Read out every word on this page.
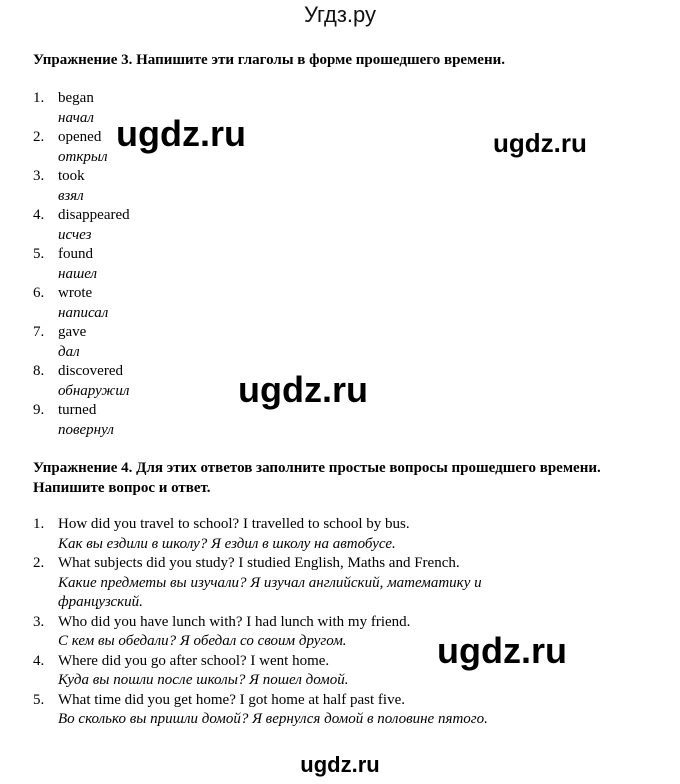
Угдз.ру
Упражнение 3. Напишите эти глаголы в форме прошедшего времени.
1. began
начал
2. opened
открыл
3. took
взял
4. disappeared
исчез
5. found
нашел
6. wrote
написал
7. gave
дал
8. discovered
обнаружил
9. turned
повернул
Упражнение 4. Для этих ответов заполните простые вопросы прошедшего времени. Напишите вопрос и ответ.
1. How did you travel to school? I travelled to school by bus.
Как вы ездили в школу? Я ездил в школу на автобусе.
2. What subjects did you study? I studied English, Maths and French.
Какие предметы вы изучали? Я изучал английский, математику и французский.
3. Who did you have lunch with? I had lunch with my friend.
С кем вы обедали? Я обедал со своим другом.
4. Where did you go after school? I went home.
Куда вы пошли после школы? Я пошел домой.
5. What time did you get home? I got home at half past five.
Во сколько вы пришли домой? Я вернулся домой в половине пятого.
ugdz.ru	ugdz.ru
ugdz.ru
ugdz.ru
ugdz.ru
